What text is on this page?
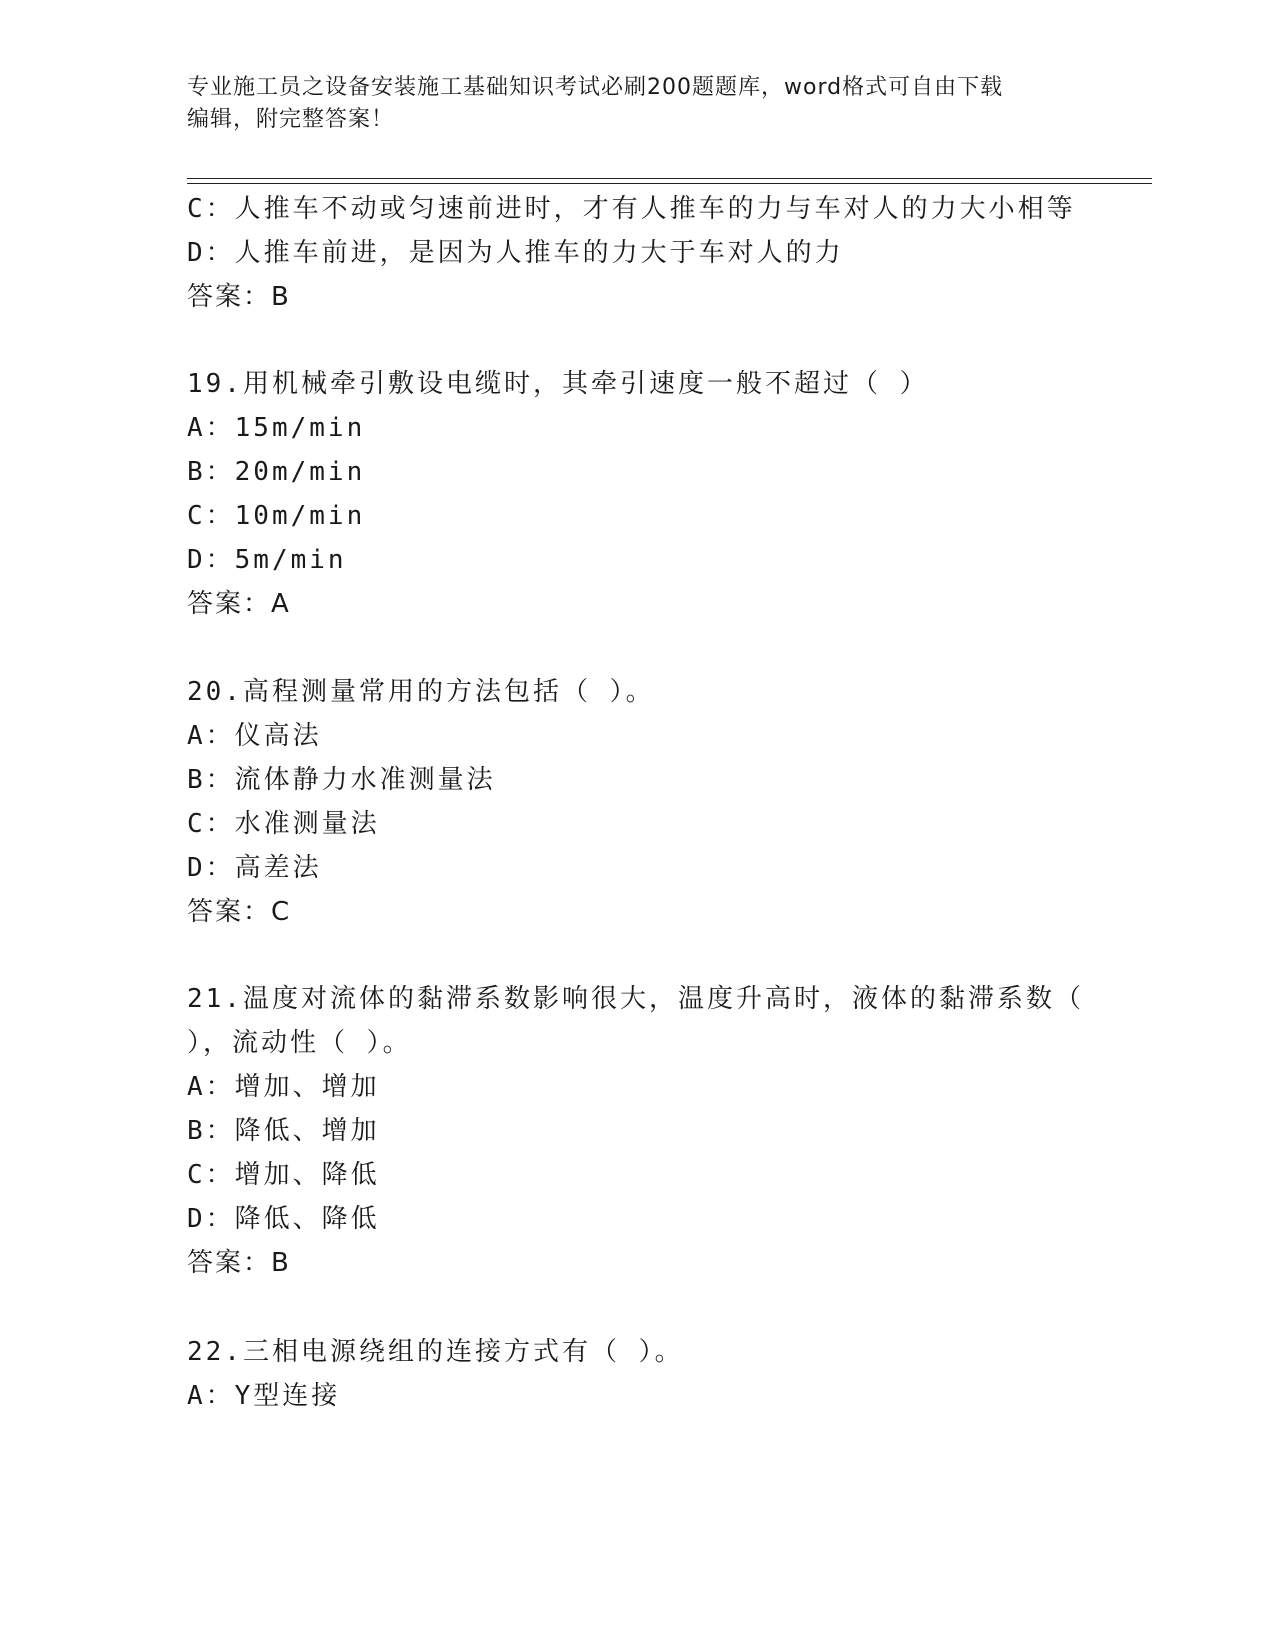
专业施工员之设备安装施工基础知识考试必刷200题题库，word格式可自由下载
编辑，附完整答案！
C：人推车不动或匀速前进时，才有人推车的力与车对人的力大小相等
D：人推车前进，是因为人推车的力大于车对人的力
答案：B
19.用机械牵引敷设电缆时，其牵引速度一般不超过（ ）
A：15m/min
B：20m/min
C：10m/min
D：5m/min
答案：A
20.高程测量常用的方法包括（ ）。
A：仪高法
B：流体静力水准测量法
C：水准测量法
D：高差法
答案：C
21.温度对流体的黏滞系数影响很大，温度升高时，液体的黏滞系数（
），流动性（ ）。
A：增加、增加
B：降低、增加
C：增加、降低
D：降低、降低
答案：B
22.三相电源绕组的连接方式有（ ）。
A：Y型连接
